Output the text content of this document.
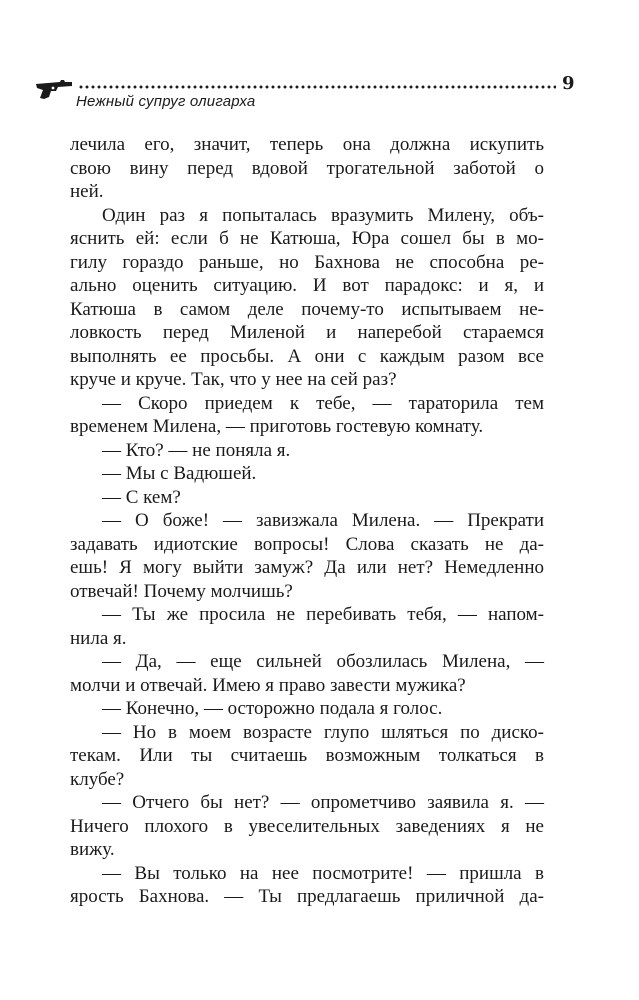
9
Нежный супруг олигарха
лечила его, значит, теперь она должна искупить
свою вину перед вдовой трогательной заботой о
ней.
Один раз я попыталась вразумить Милену, объ-
яснить ей: если б не Катюша, Юра сошел бы в мо-
гилу гораздо раньше, но Бахнова не способна ре-
ально оценить ситуацию. И вот парадокс: и я, и
Катюша в самом деле почему-то испытываем не-
ловкость перед Миленой и наперебой стараемся
выполнять ее просьбы. А они с каждым разом все
круче и круче. Так, что у нее на сей раз?
— Скоро приедем к тебе, — тараторила тем
временем Милена, — приготовь гостевую комнату.
— Кто? — не поняла я.
— Мы с Вадюшей.
— С кем?
— О боже! — завизжала Милена. — Прекрати
задавать идиотские вопросы! Слова сказать не да-
ешь! Я могу выйти замуж? Да или нет? Немедленно
отвечай! Почему молчишь?
— Ты же просила не перебивать тебя, — напом-
нила я.
— Да, — еще сильней обозлилась Милена, —
молчи и отвечай. Имею я право завести мужика?
— Конечно, — осторожно подала я голос.
— Но в моем возрасте глупо шляться по диско-
текам. Или ты считаешь возможным толкаться в
клубе?
— Отчего бы нет? — опрометчиво заявила я. —
Ничего плохого в увеселительных заведениях я не
вижу.
— Вы только на нее посмотрите! — пришла в
ярость Бахнова. — Ты предлагаешь приличной да-
